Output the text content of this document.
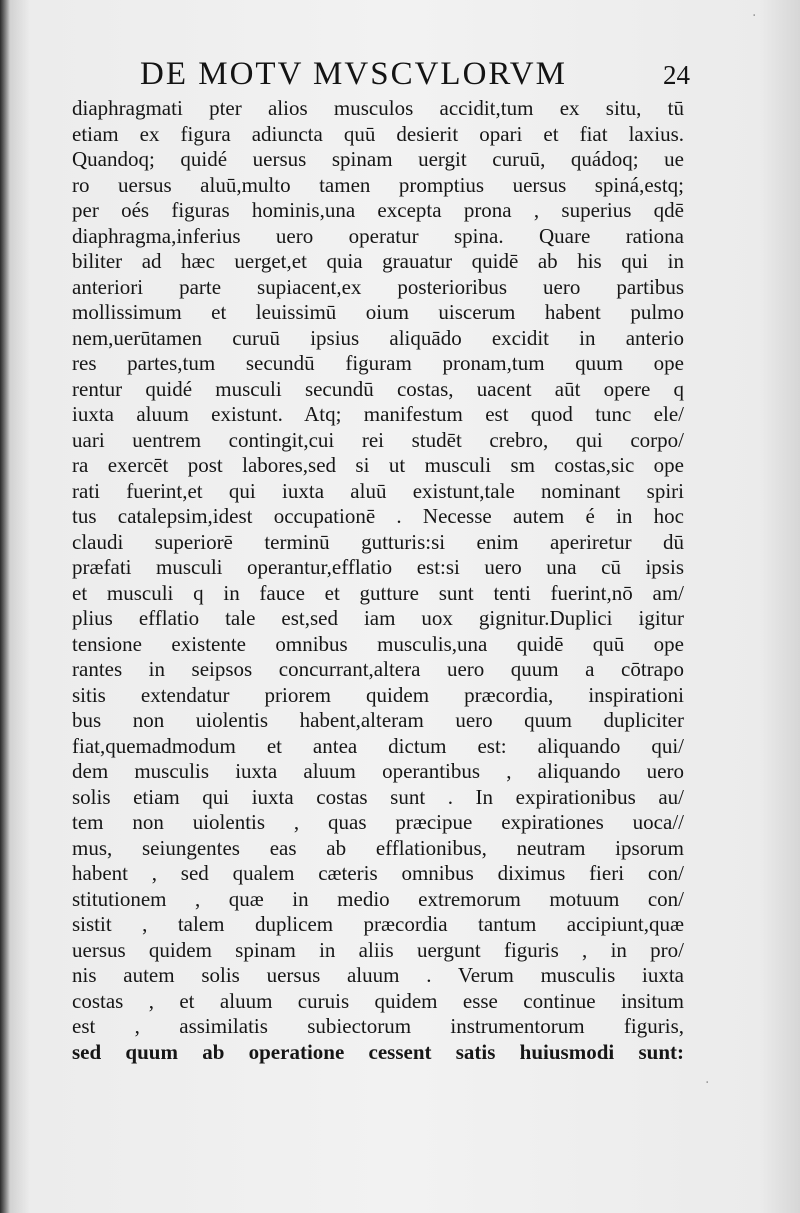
DE MOTV MVSCVLORVM	24
diaphragmati pter alios musculos accidit,tum ex situ, tū
etiam ex figura adiuncta quū desierit opari et fiat laxius.
Quandoq; quidé uersus spinam uergit curuū, quádoq; ue
ro uersus aluū,multo tamen promptius uersus spiná,estq;
per oés figuras hominis,una excepta prona , superius qdē
diaphragma,inferius uero operatur spina. Quare rationa
biliter ad hæc uerget,et quia grauatur quidē ab his qui in
anteriori parte supiacent,ex posterioribus uero partibus
mollissimum et leuissimū oium uiscerum habent pulmo
nem,uerūtamen curuū ipsius aliquādo excidit in anterio
res partes,tum secundū figuram pronam,tum quum ope
rentur quidé musculi secundū costas, uacent aūt opere q
iuxta aluum existunt. Atq; manifestum est quod tunc ele/
uari uentrem contingit,cui rei studēt crebro, qui corpo/
ra exercēt post labores,sed si ut musculi sm costas,sic ope
rati fuerint,et qui iuxta aluū existunt,tale nominant spiri
tus catalepsim,idest occupationē . Necesse autem é in hoc
claudi superiorē terminū gutturis:si enim aperiretur dū
præfati musculi operantur,efflatio est:si uero una cū ipsis
et musculi q in fauce et gutture sunt tenti fuerint,nō am/
plius efflatio tale est,sed iam uox gignitur.Duplici igitur
tensione existente omnibus musculis,una quidē quū ope
rantes in seipsos concurrant,altera uero quum a cōtrapo
sitis extendatur priorem quidem præcordia, inspirationi
bus non uiolentis habent,alteram uero quum dupliciter
fiat,quemadmodum et antea dictum est: aliquando qui/
dem musculis iuxta aluum operantibus , aliquando uero
solis etiam qui iuxta costas sunt . In expirationibus au/
tem non uiolentis , quas præcipue expirationes uoca//
mus, seiungentes eas ab efflationibus, neutram ipsorum
habent , sed qualem cæteris omnibus diximus fieri con/
stitutionem , quæ in medio extremorum motuum con/
sistit , talem duplicem præcordia tantum accipiunt,quæ
uersus quidem spinam in aliis uergunt figuris , in pro/
nis autem solis uersus aluum . Verum musculis iuxta
costas , et aluum curuis quidem esse continue insitum
est , assimilatis subiectorum instrumentorum figuris,
sed quum ab operatione cessent satis huiusmodi sunt:
·
·
